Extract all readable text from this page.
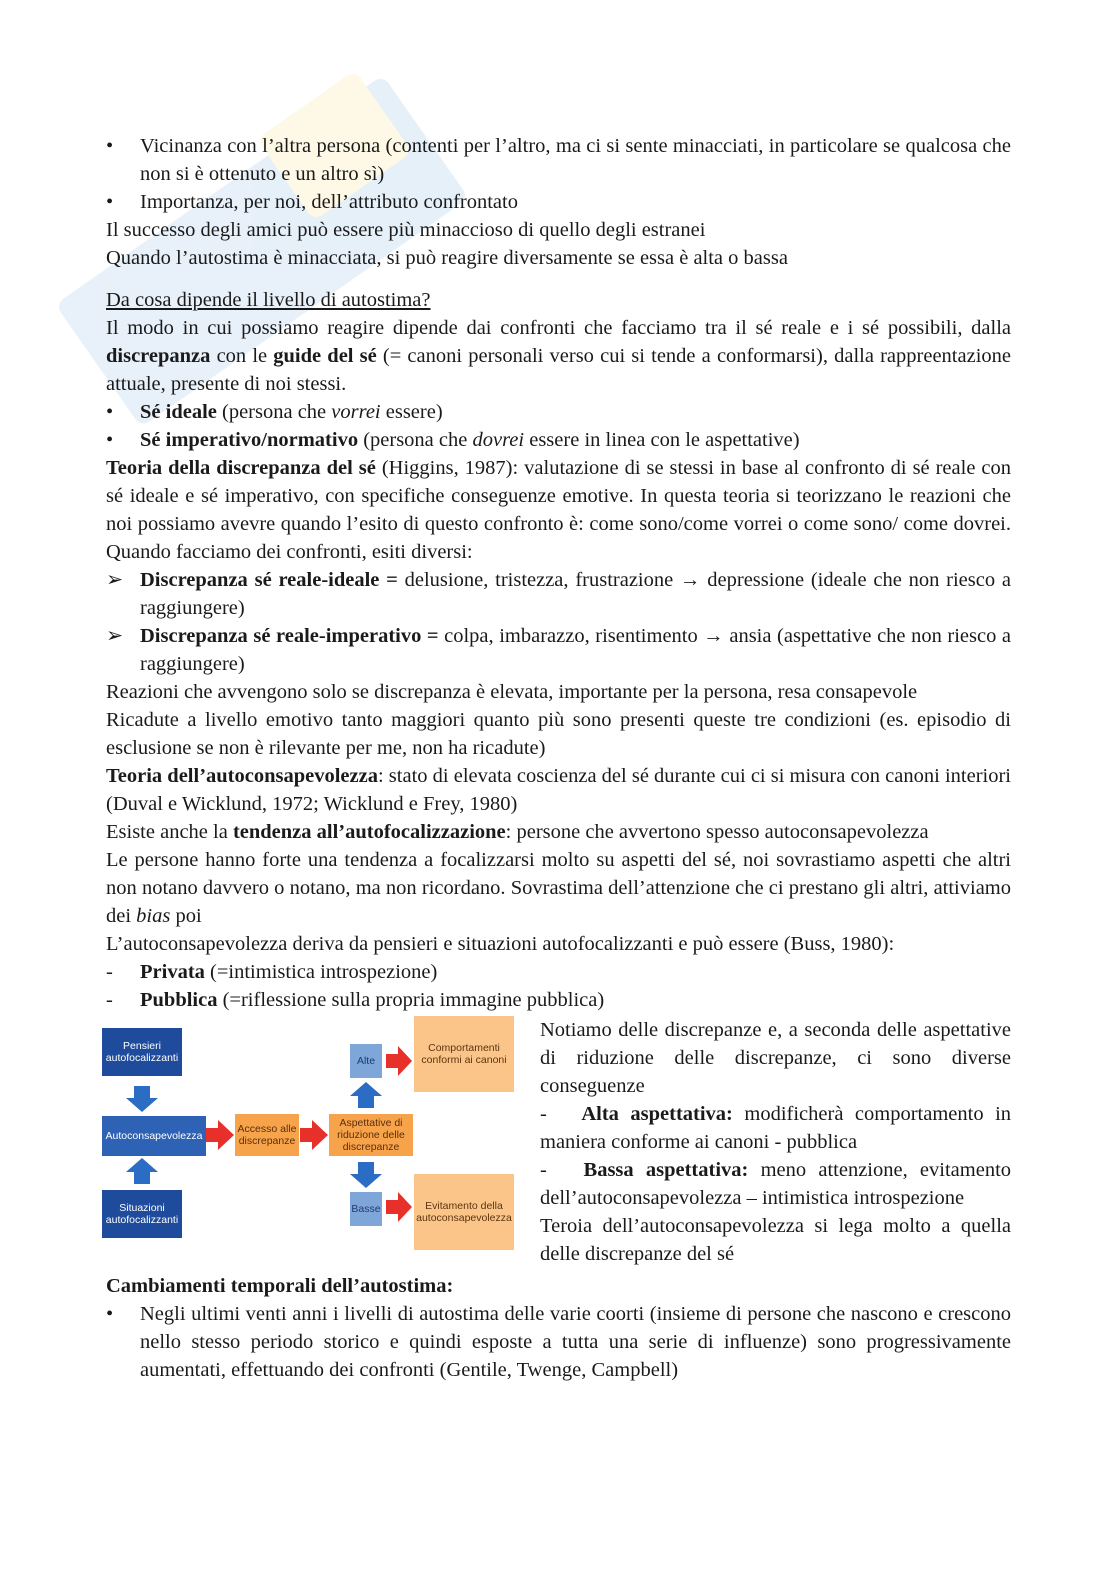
• Vicinanza con l’altra persona (contenti per l’altro, ma ci si sente minacciati, in particolare se qualcosa che non si è ottenuto e un altro sì)
• Importanza, per noi, dell’attributo confrontato

Il successo degli amici può essere più minaccioso di quello degli estranei

Quando l’autostima è minacciata, si può reagire diversamente se essa è alta o bassa

Da cosa dipende il livello di autostima?

Il modo in cui possiamo reagire dipende dai confronti che facciamo tra il sé reale e i sé possibili, dalla discrepanza con le guide del sé (= canoni personali verso cui si tende a conformarsi), dalla rappreentazione attuale, presente di noi stessi.

• Sé ideale (persona che vorrei essere)
• Sé imperativo/normativo (persona che dovrei essere in linea con le aspettative)

Teoria della discrepanza del sé (Higgins, 1987): valutazione di se stessi in base al confronto di sé reale con sé ideale e sé imperativo, con specifiche conseguenze emotive. In questa teoria si teorizzano le reazioni che noi possiamo avevre quando l’esito di questo confronto è: come sono/come vorrei o come sono/ come dovrei. Quando facciamo dei confronti, esiti diversi:

➢ Discrepanza sé reale-ideale = delusione, tristezza, frustrazione → depressione (ideale che non riesco a raggiungere)
➢ Discrepanza sé reale-imperativo = colpa, imbarazzo, risentimento → ansia (aspettative che non riesco a raggiungere)

Reazioni che avvengono solo se discrepanza è elevata, importante per la persona, resa consapevole

Ricadute a livello emotivo tanto maggiori quanto più sono presenti queste tre condizioni (es. episodio di esclusione se non è rilevante per me, non ha ricadute)

Teoria dell’autoconsapevolezza: stato di elevata coscienza del sé durante cui ci si misura con canoni interiori (Duval e Wicklund, 1972; Wicklund e Frey, 1980)

Esiste anche la tendenza all’autofocalizzazione: persone che avvertono spesso autoconsapevolezza

Le persone hanno forte una tendenza a focalizzarsi molto su aspetti del sé, noi sovrastiamo aspetti che altri non notano davvero o notano, ma non ricordano. Sovrastima dell’attenzione che ci prestano gli altri, attiviamo dei bias poi

L’autoconsapevolezza deriva da pensieri e situazioni autofocalizzanti e può essere (Buss, 1980):

- Privata (=intimistica introspezione)
- Pubblica (=riflessione sulla propria immagine pubblica)
Pensieri autofocalizzanti
Autoconsapevolezza
Situazioni autofocalizzanti
Accesso alle discrepanze
Aspettative di riduzione delle discrepanze
Alte
Basse
Comportamenti conformi ai canoni
Evitamento della autoconsapevolezza

Notiamo delle discrepanze e, a seconda delle aspettative di riduzione delle discrepanze, ci sono diverse conseguenze

- Alta aspettativa: modificherà comportamento in maniera conforme ai canoni - pubblica

- Bassa aspettativa: meno attenzione, evitamento dell’autoconsapevolezza – intimistica introspezione

Teroia dell’autoconsapevolezza si lega molto a quella delle discrepanze del sé

Cambiamenti temporali dell’autostima:

• Negli ultimi venti anni i livelli di autostima delle varie coorti (insieme di persone che nascono e crescono nello stesso periodo storico e quindi esposte a tutta una serie di influenze) sono progressivamente aumentati, effettuando dei confronti (Gentile, Twenge, Campbell)
